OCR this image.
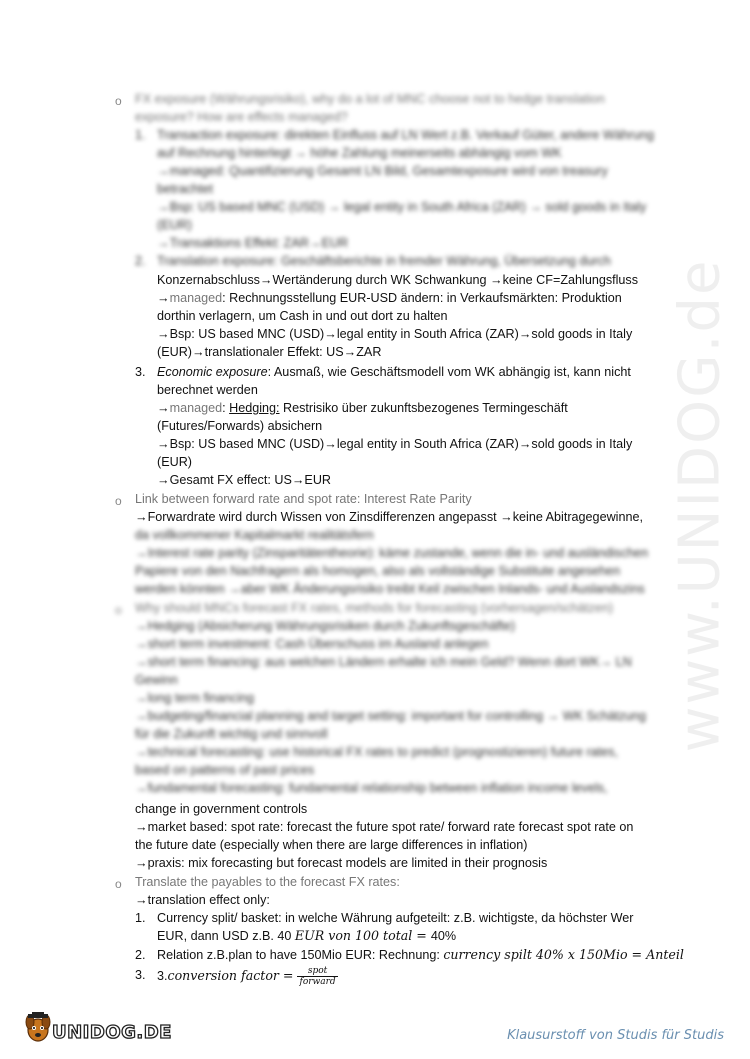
www.UNIDOG.de
o FX exposure (Währungsrisiko), why do a lot of MNC choose not to hedge translation
exposure? How are effects managed?
1. Transaction exposure: direkten Einfluss auf LN Wert z.B. Verkauf Güter, andere Währung
auf Rechnung hinterlegt → höhe Zahlung meinerseits abhängig vom WK
→managed: Quantifizierung Gesamt LN Bild, Gesamtexposure wird von treasury
betrachtet
→Bsp: US based MNC (USD) → legal entity in South Africa (ZAR) → sold goods in Italy
(EUR)
→Transaktions Effekt: ZAR→EUR
2. Translation exposure: Geschäftsberichte in fremder Währung, Übersetzung durch
Konzernabschluss→Wertänderung durch WK Schwankung →keine CF=Zahlungsfluss
→managed: Rechnungsstellung EUR-USD ändern: in Verkaufsmärkten: Produktion
dorthin verlagern, um Cash in und out dort zu halten
→Bsp: US based MNC (USD)→legal entity in South Africa (ZAR)→sold goods in Italy
(EUR)→translationaler Effekt: US→ZAR
3. Economic exposure: Ausmaß, wie Geschäftsmodell vom WK abhängig ist, kann nicht
berechnet werden
→managed: Hedging: Restrisiko über zukunftsbezogenes Termingeschäft
(Futures/Forwards) absichern
→Bsp: US based MNC (USD)→legal entity in South Africa (ZAR)→sold goods in Italy
(EUR)
→Gesamt FX effect: US→EUR
o Link between forward rate and spot rate: Interest Rate Parity
→Forwardrate wird durch Wissen von Zinsdifferenzen angepasst →keine Abitragegewinne,
da vollkommener Kapitalmarkt realitätsfern
→Interest rate parity (Zinsparitätentheorie): käme zustande, wenn die in- und ausländischen
Papiere von den Nachfragern als homogen, also als vollständige Substitute angesehen
werden könnten →aber WK Änderungsrisiko treibt Keil zwischen Inlands- und Auslandszins
o Why should MNCs forecast FX rates, methods for forecasting (vorhersagen/schätzen)
→Hedging (Absicherung Währungsrisiken durch Zukunftsgeschäfte)
→short term investment: Cash Überschuss im Ausland anlegen
→short term financing: aus welchen Ländern erhalte ich mein Geld? Wenn dort WK→ LN
Gewinn
→long term financing
→budgeting/financial planning and target setting: important for controlling → WK Schätzung
für die Zukunft wichtig und sinnvoll
→technical forecasting: use historical FX rates to predict (prognostizieren) future rates,
based on patterns of past prices
→fundamental forecasting: fundamental relationship between inflation income levels,
change in government controls
→market based: spot rate: forecast the future spot rate/ forward rate forecast spot rate on
the future date (especially when there are large differences in inflation)
→praxis: mix forecasting but forecast models are limited in their prognosis
o Translate the payables to the forecast FX rates:
→translation effect only:
1. Currency split/ basket: in welche Währung aufgeteilt: z.B. wichtigste, da höchster Wer
EUR, dann USD z.B. 40 EUR von 100 total = 40%
2. Relation z.B.plan to have 150Mio EUR: Rechnung: currency spilt 40% x 150Mio = Anteil
3. 3.conversion factor = $\frac{\text{spot}}{\text{forward}}$
UNIDOG.DE	Klausurstoff von Studis für Studis
